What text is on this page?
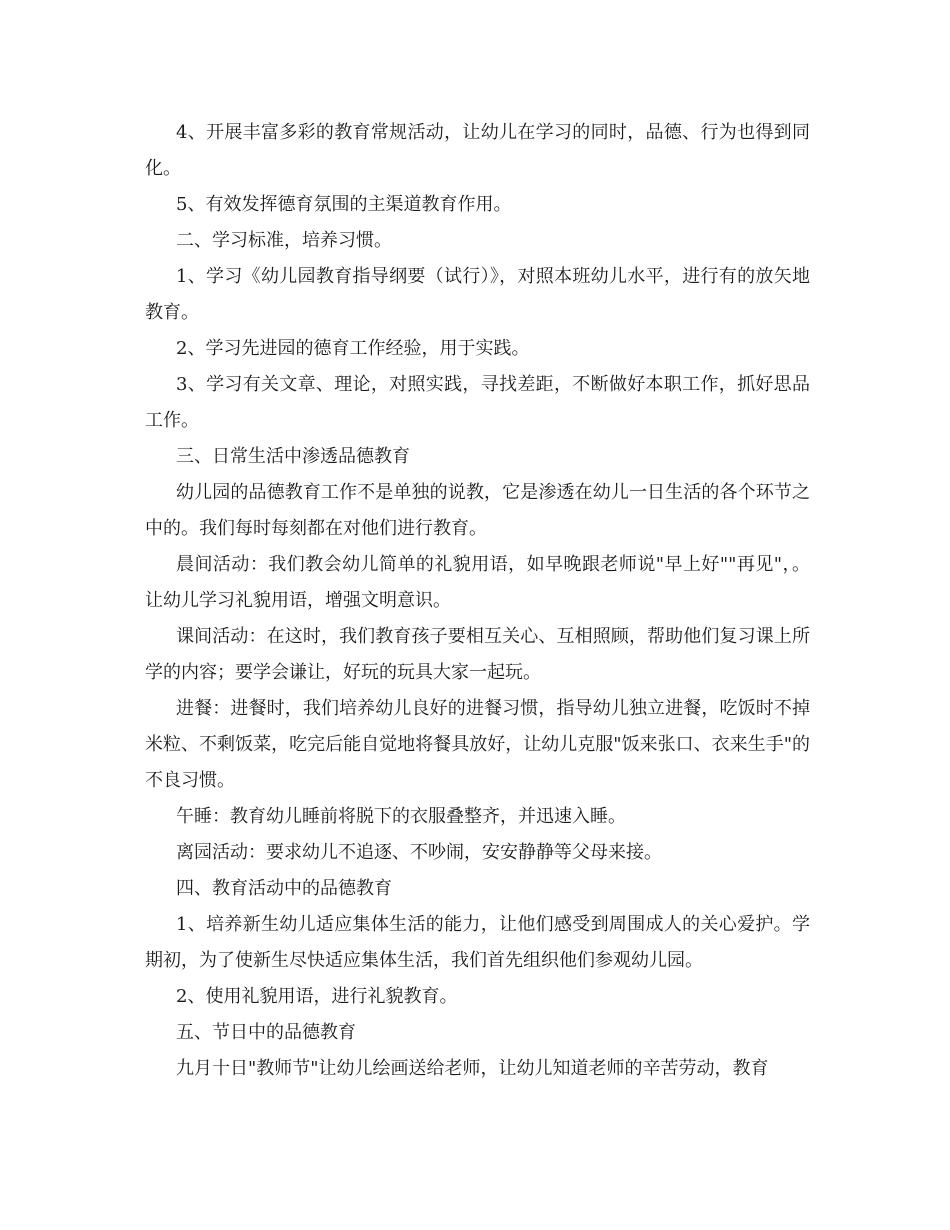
4、开展丰富多彩的教育常规活动，让幼儿在学习的同时，品德、行为也得到同化。

5、有效发挥德育氛围的主渠道教育作用。

二、学习标准，培养习惯。

1、学习《幼儿园教育指导纲要（试行）》，对照本班幼儿水平，进行有的放矢地教育。

2、学习先进园的德育工作经验，用于实践。

3、学习有关文章、理论，对照实践，寻找差距，不断做好本职工作，抓好思品工作。

三、日常生活中渗透品德教育

幼儿园的品德教育工作不是单独的说教，它是渗透在幼儿一日生活的各个环节之中的。我们每时每刻都在对他们进行教育。

晨间活动：我们教会幼儿简单的礼貌用语，如早晚跟老师说"早上好""再见"，。让幼儿学习礼貌用语，增强文明意识。

课间活动：在这时，我们教育孩子要相互关心、互相照顾，帮助他们复习课上所学的内容；要学会谦让，好玩的玩具大家一起玩。

进餐：进餐时，我们培养幼儿良好的进餐习惯，指导幼儿独立进餐，吃饭时不掉米粒、不剩饭菜，吃完后能自觉地将餐具放好，让幼儿克服"饭来张口、衣来生手"的不良习惯。

午睡：教育幼儿睡前将脱下的衣服叠整齐，并迅速入睡。

离园活动：要求幼儿不追逐、不吵闹，安安静静等父母来接。

四、教育活动中的品德教育

1、培养新生幼儿适应集体生活的能力，让他们感受到周围成人的关心爱护。学期初，为了使新生尽快适应集体生活，我们首先组织他们参观幼儿园。

2、使用礼貌用语，进行礼貌教育。

五、节日中的品德教育

九月十日"教师节"让幼儿绘画送给老师，让幼儿知道老师的辛苦劳动，教育
